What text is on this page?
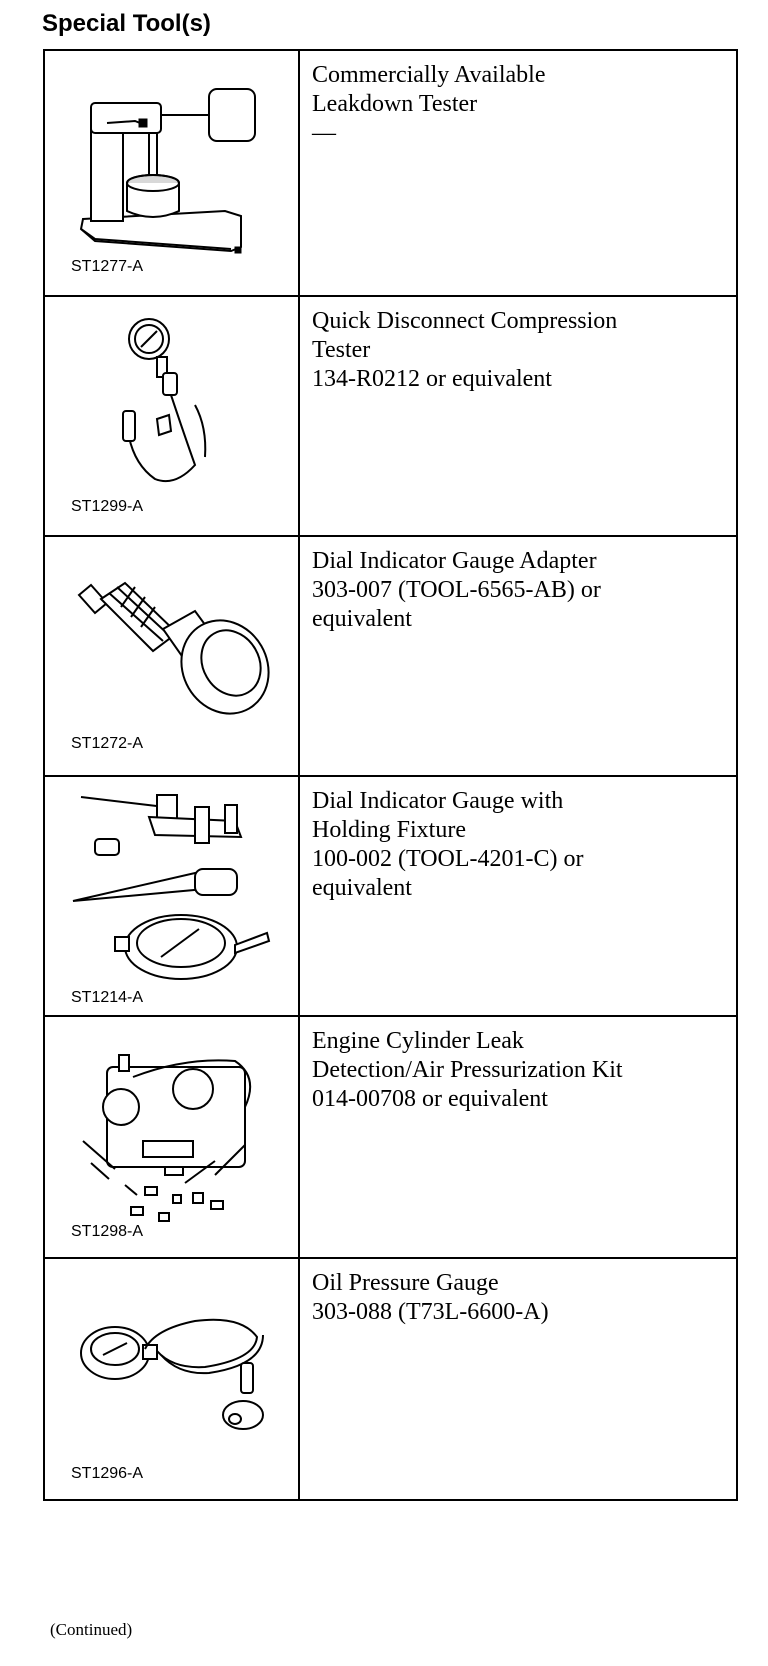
Special Tool(s)
ST1277-A	Commercially Available
Leakdown Tester
—

ST1299-A	Quick Disconnect Compression
Tester
134-R0212 or equivalent

ST1272-A	Dial Indicator Gauge Adapter
303-007 (TOOL-6565-AB) or
equivalent

ST1214-A	Dial Indicator Gauge with
Holding Fixture
100-002 (TOOL-4201-C) or
equivalent

ST1298-A	Engine Cylinder Leak
Detection/Air Pressurization Kit
014-00708 or equivalent

ST1296-A	Oil Pressure Gauge
303-088 (T73L-6600-A)
(Continued)
